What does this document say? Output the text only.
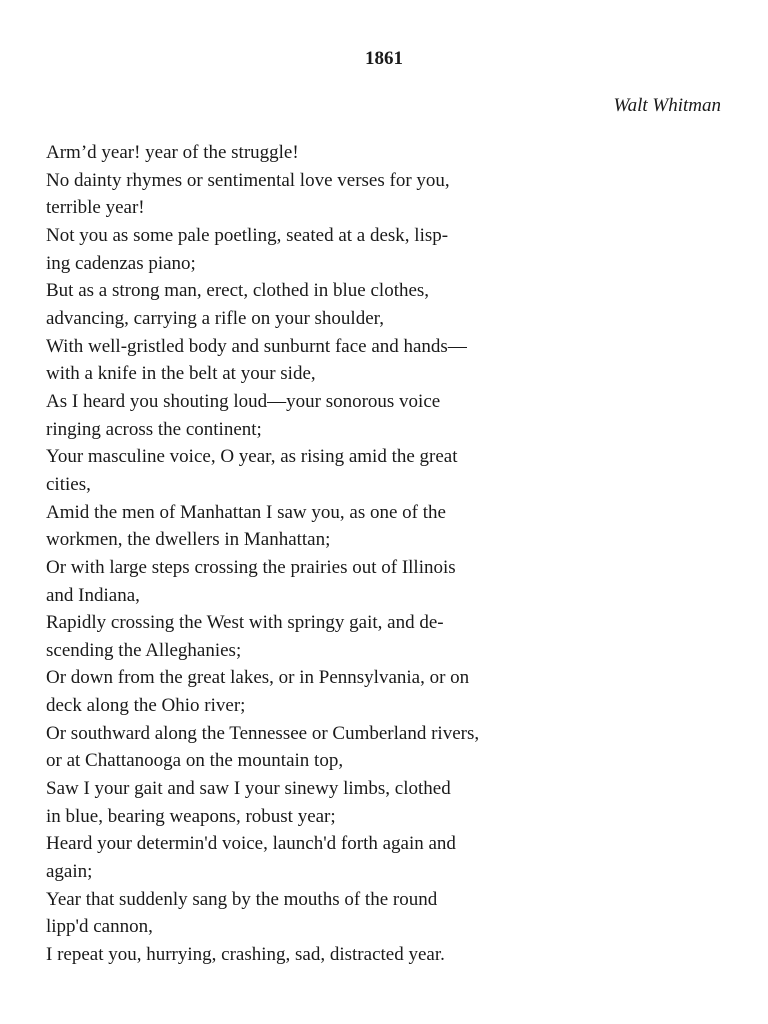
1861

Walt Whitman

Arm’d year! year of the struggle!
No dainty rhymes or sentimental love verses for you,
terrible year!
Not you as some pale poetling, seated at a desk, lisp-
ing cadenzas piano;
But as a strong man, erect, clothed in blue clothes,
advancing, carrying a rifle on your shoulder,
With well-gristled body and sunburnt face and hands—
with a knife in the belt at your side,
As I heard you shouting loud—your sonorous voice
ringing across the continent;
Your masculine voice, O year, as rising amid the great
cities,
Amid the men of Manhattan I saw you, as one of the
workmen, the dwellers in Manhattan;
Or with large steps crossing the prairies out of Illinois
and Indiana,
Rapidly crossing the West with springy gait, and de-
scending the Alleghanies;
Or down from the great lakes, or in Pennsylvania, or on
deck along the Ohio river;
Or southward along the Tennessee or Cumberland rivers,
or at Chattanooga on the mountain top,
Saw I your gait and saw I your sinewy limbs, clothed
in blue, bearing weapons, robust year;
Heard your determin'd voice, launch'd forth again and
again;
Year that suddenly sang by the mouths of the round
lipp'd cannon,
I repeat you, hurrying, crashing, sad, distracted year.
